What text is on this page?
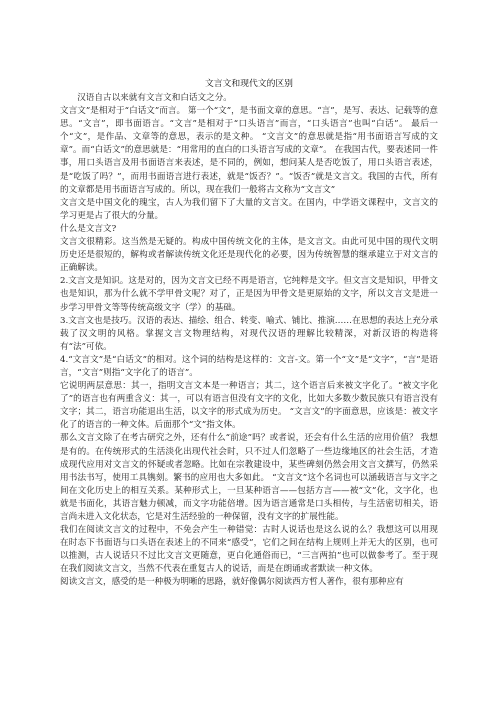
文言文和现代文的区别

汉语自古以来就有文言文和白话文之分。

文言文”是相对于“白话文”而言。 第一个“文”，是书面文章的意思。“言”，是写、表达、记载等的意思。“文言”，即书面语言。“文言”是相对于“口头语言”而言，“口头语言”也叫“白话”。 最后一个“文”，是作品、文章等的意思，表示的是文种。 “文言文”的意思就是指“用书面语言写成的文章”。而“白话文”的意思就是：“用常用的直白的口头语言写成的文章”。 在我国古代，要表述同一件事，用口头语言及用书面语言来表述，是不同的，例如，想问某人是否吃饭了，用口头语言表述，是“吃饭了吗？”，而用书面语言进行表述，就是“饭否？”。“饭否”就是文言文。我国的古代，所有的文章都是用书面语言写成的。所以，现在我们一般将古文称为“文言文”

文言文是中国文化的瑰宝，古人为我们留下了大量的文言文。在国内，中学语文课程中，文言文的学习更是占了很大的分量。

什么是文言文?

文言文很精彩。这当然是无疑的。构成中国传统文化的主体，是文言文。由此可见中国的现代文明历史还是很短的，解构或者解读传统文化还是现代化的必要，因为传统智慧的继承建立于对文言的正确解读。

2.文言文是知识。这是对的，因为文言文已经不再是语言，它纯粹是文字。但文言文是知识，甲骨文也是知识，那为什么就不学甲骨文呢？对了，正是因为甲骨文是更原始的文字，所以文言文是进一步学习甲骨文等等传统高级文字（学）的基础。

3.文言文也是技巧。汉语的表达、描绘、组合、转变、喻式、铺比、推演……在思想的表达上充分承载了汉文明的风格。掌握文言文物理结构，对现代汉语的理解比较精深，对新汉语的构造将有“法”可依。

4.“文言文”是“白话文”的相对。这个词的结构是这样的：文言-文。第一个“文”是“文字”，“言”是语言，“文言”则指“文字化了的语言”。

它说明两层意思：其一，指明文言文本是一种语言；其二，这个语言后来被文字化了。“被文字化了”的语言也有两重含义：其一，可以有语言但没有文字的文化，比如大多数少数民族只有语言没有文字；其二，语言功能退出生活，以文字的形式成为历史。 “文言文”的字面意思，应该是：被文字化了的语言的一种文体。后面那个“文”指文体。

那么文言文除了在考古研究之外，还有什么“前途”吗？或者说，还会有什么生活的应用价值？ 我想是有的。在传统形式的生活淡化出现代社会时，只不过人们忽略了一些边缘地区的社会生活，才造成现代应用对文言文的怀疑或者忽略。比如在宗教建设中，某些碑刻仍然会用文言文撰写，仍然采用书法书写，使用工具镌刻。繁书的应用也大多如此。 “文言文”这个名词也可以涵载语言与文字之间在文化历史上的相互关系。某种形式上，一旦某种语言——包括方言——被“文”化，文字化，也就是书面化，其语言魅力顿减，而文字功能倍增。因为语言通常是口头相传，与生活密切相关，语言尚未进入文化状态，它是对生活经验的一种保留，没有文字的扩展性能。

我们在阅读文言文的过程中，不免会产生一种错觉：古时人说话也是这么说的么？我想这可以用现在时态下书面语与口头语在表述上的不同来“感受”，它们之间在结构上规则上并无大的区别，也可以推测，古人说话只不过比文言文更随意，更白化通俗而已，“三言两拍”也可以做参考了。至于现在我们阅读文言文，当然不代表在重复古人的说话，而是在朗诵或者默读一种文体。

阅读文言文，感受的是一种极为明晰的思路，就好像偶尔阅读西方哲人著作，很有那种应有
